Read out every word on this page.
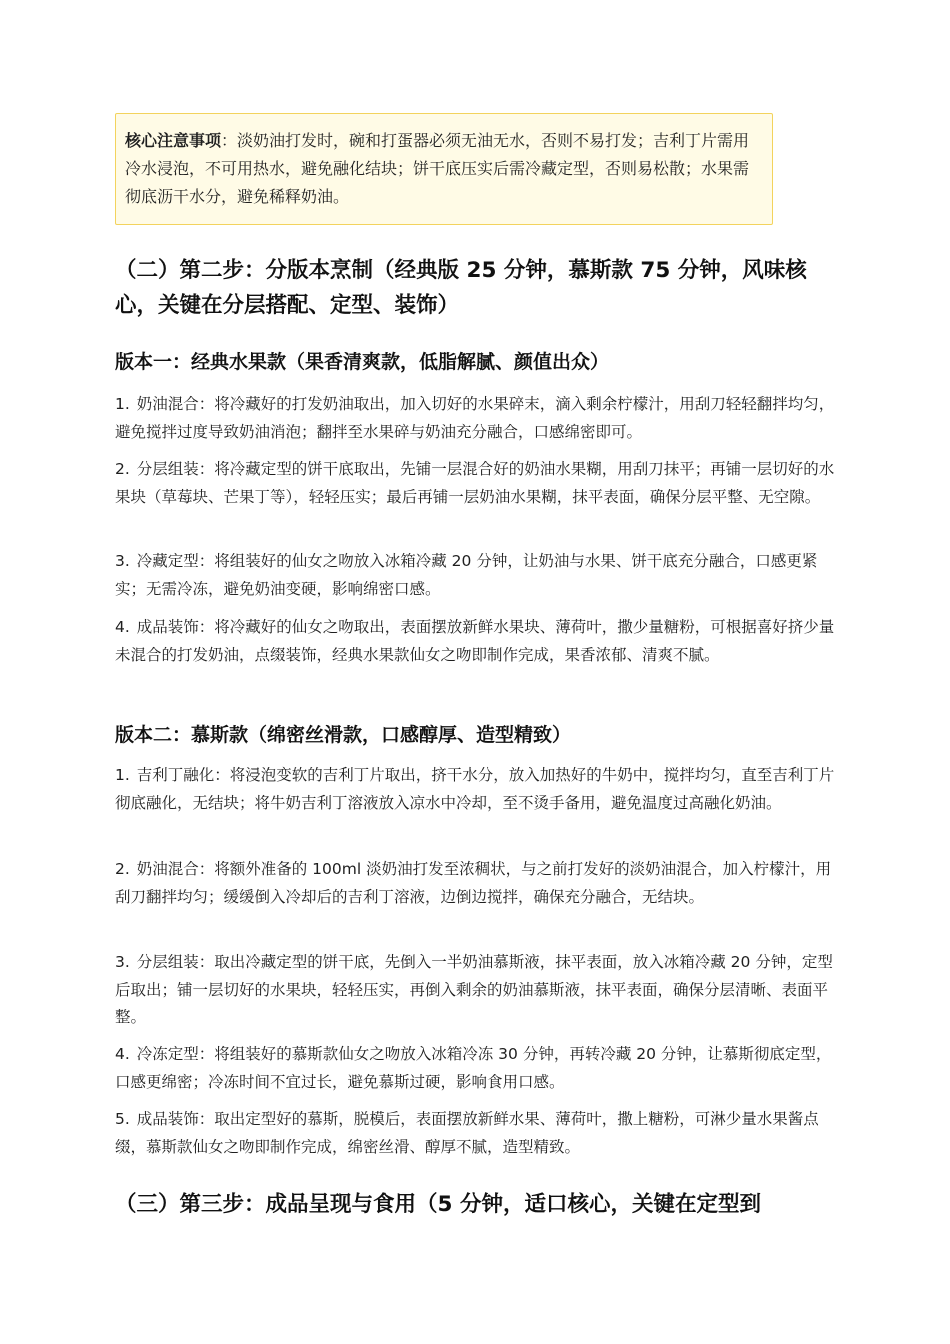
核心注意事项：淡奶油打发时，碗和打蛋器必须无油无水，否则不易打发；吉利丁片需用冷水浸泡，不可用热水，避免融化结块；饼干底压实后需冷藏定型，否则易松散；水果需彻底沥干水分，避免稀释奶油。
（二）第二步：分版本烹制（经典版 25 分钟，慕斯款 75 分钟，风味核心，关键在分层搭配、定型、装饰）
版本一：经典水果款（果香清爽款，低脂解腻、颜值出众）

1. 奶油混合：将冷藏好的打发奶油取出，加入切好的水果碎末，滴入剩余柠檬汁，用刮刀轻轻翻拌均匀，避免搅拌过度导致奶油消泡；翻拌至水果碎与奶油充分融合，口感绵密即可。

2. 分层组装：将冷藏定型的饼干底取出，先铺一层混合好的奶油水果糊，用刮刀抹平；再铺一层切好的水果块（草莓块、芒果丁等），轻轻压实；最后再铺一层奶油水果糊，抹平表面，确保分层平整、无空隙。

3. 冷藏定型：将组装好的仙女之吻放入冰箱冷藏 20 分钟，让奶油与水果、饼干底充分融合，口感更紧实；无需冷冻，避免奶油变硬，影响绵密口感。

4. 成品装饰：将冷藏好的仙女之吻取出，表面摆放新鲜水果块、薄荷叶，撒少量糖粉，可根据喜好挤少量未混合的打发奶油，点缀装饰，经典水果款仙女之吻即制作完成，果香浓郁、清爽不腻。

版本二：慕斯款（绵密丝滑款，口感醇厚、造型精致）

1. 吉利丁融化：将浸泡变软的吉利丁片取出，挤干水分，放入加热好的牛奶中，搅拌均匀，直至吉利丁片彻底融化，无结块；将牛奶吉利丁溶液放入凉水中冷却，至不烫手备用，避免温度过高融化奶油。

2. 奶油混合：将额外准备的 100ml 淡奶油打发至浓稠状，与之前打发好的淡奶油混合，加入柠檬汁，用刮刀翻拌均匀；缓缓倒入冷却后的吉利丁溶液，边倒边搅拌，确保充分融合，无结块。

3. 分层组装：取出冷藏定型的饼干底，先倒入一半奶油慕斯液，抹平表面，放入冰箱冷藏 20 分钟，定型后取出；铺一层切好的水果块，轻轻压实，再倒入剩余的奶油慕斯液，抹平表面，确保分层清晰、表面平整。

4. 冷冻定型：将组装好的慕斯款仙女之吻放入冰箱冷冻 30 分钟，再转冷藏 20 分钟，让慕斯彻底定型，口感更绵密；冷冻时间不宜过长，避免慕斯过硬，影响食用口感。

5. 成品装饰：取出定型好的慕斯，脱模后，表面摆放新鲜水果、薄荷叶，撒上糖粉，可淋少量水果酱点缀，慕斯款仙女之吻即制作完成，绵密丝滑、醇厚不腻，造型精致。

（三）第三步：成品呈现与食用（5 分钟，适口核心，关键在定型到
